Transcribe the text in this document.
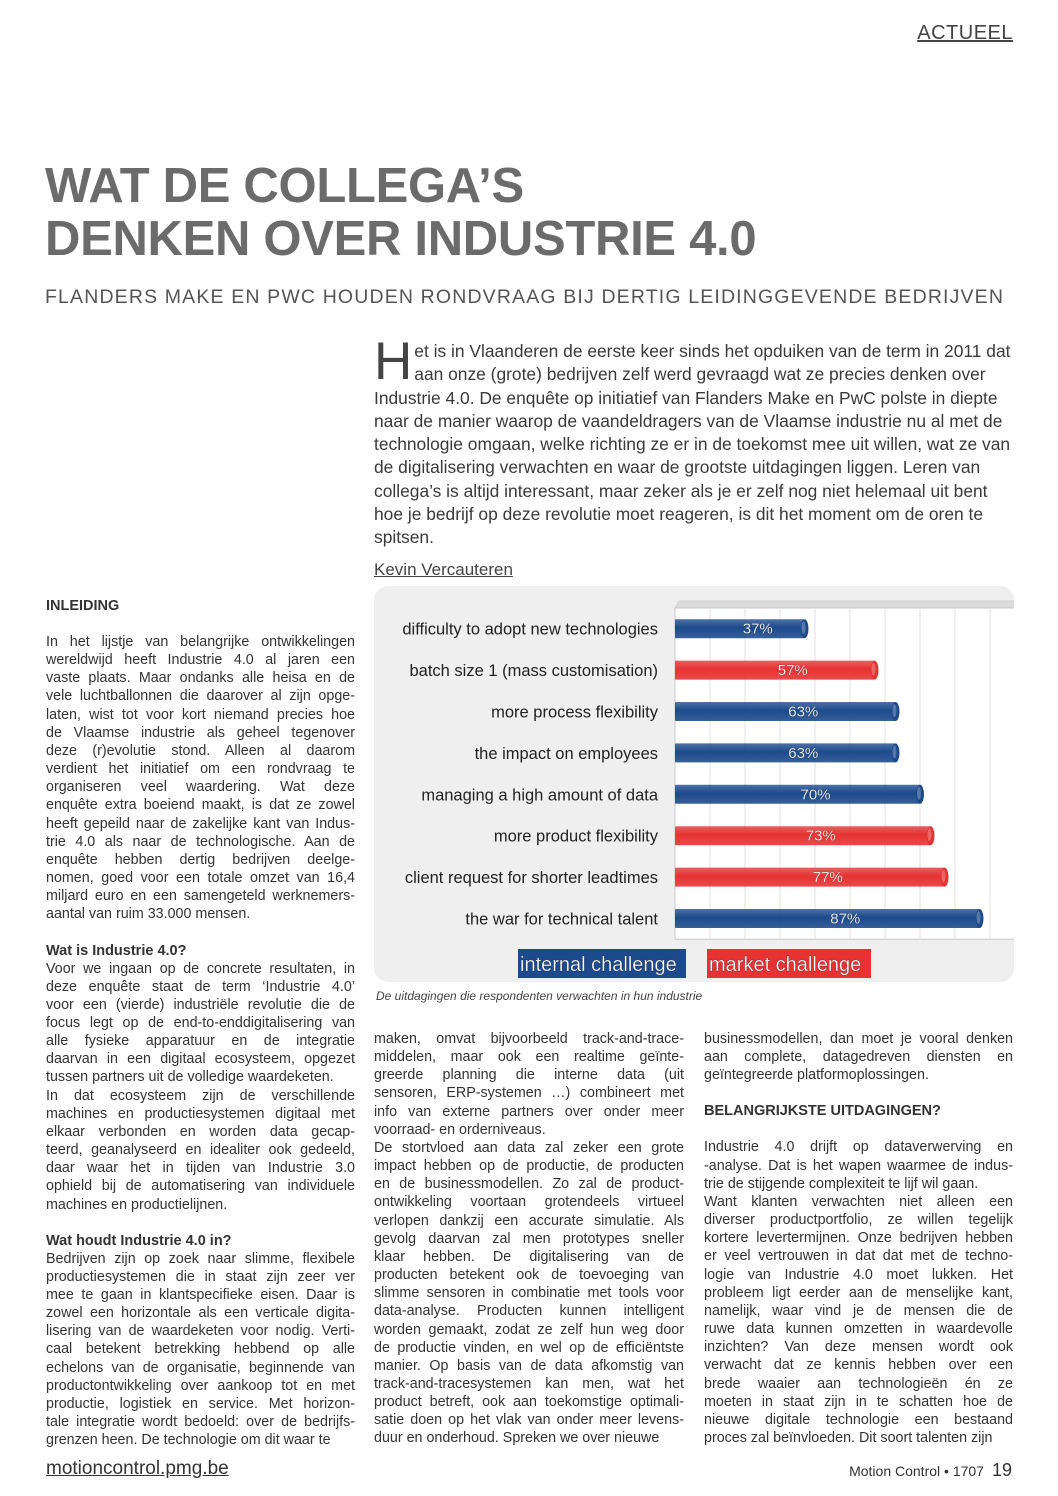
ACTUEEL
WAT DE COLLEGA’S
DENKEN OVER INDUSTRIE 4.0
FLANDERS MAKE EN PWC HOUDEN RONDVRAAG BIJ DERTIG LEIDINGGEVENDE BEDRIJVEN
H et is in Vlaanderen de eerste keer sinds het opduiken van de term in 2011 dat
aan onze (grote) bedrijven zelf werd gevraagd wat ze precies denken over
Industrie 4.0. De enquête op initiatief van Flanders Make en PwC polste in diepte
naar de manier waarop de vaandeldragers van de Vlaamse industrie nu al met de
technologie omgaan, welke richting ze er in de toekomst mee uit willen, wat ze van
de digitalisering verwachten en waar de grootste uitdagingen liggen. Leren van
collega’s is altijd interessant, maar zeker als je er zelf nog niet helemaal uit bent
hoe je bedrijf op deze revolutie moet reageren, is dit het moment om de oren te
spitsen.
Kevin Vercauteren
INLEIDING
In het lijstje van belangrijke ontwikkelingen
wereldwijd heeft Industrie 4.0 al jaren een
vaste plaats. Maar ondanks alle heisa en de
vele luchtballonnen die daarover al zijn opge-
laten, wist tot voor kort niemand precies hoe
de Vlaamse industrie als geheel tegenover
deze (r)evolutie stond. Alleen al daarom
verdient het initiatief om een rondvraag te
organiseren veel waardering. Wat deze
enquête extra boeiend maakt, is dat ze zowel
heeft gepeild naar de zakelijke kant van Indus-
trie 4.0 als naar de technologische. Aan de
enquête hebben dertig bedrijven deelge-
nomen, goed voor een totale omzet van 16,4
miljard euro en een samengeteld werknemers-
aantal van ruim 33.000 mensen.
Wat is Industrie 4.0?
Voor we ingaan op de concrete resultaten, in
deze enquête staat de term ‘Industrie 4.0’
voor een (vierde) industriële revolutie die de
focus legt op de end-to-enddigitalisering van
alle fysieke apparatuur en de integratie
daarvan in een digitaal ecosysteem, opgezet
tussen partners uit de volledige waardeketen.
In dat ecosysteem zijn de verschillende
machines en productiesystemen digitaal met
elkaar verbonden en worden data gecap-
teerd, geanalyseerd en idealiter ook gedeeld,
daar waar het in tijden van Industrie 3.0
ophield bij de automatisering van individuele
machines en productielijnen.
Wat houdt Industrie 4.0 in?
Bedrijven zijn op zoek naar slimme, flexibele
productiesystemen die in staat zijn zeer ver
mee te gaan in klantspecifieke eisen. Daar is
zowel een horizontale als een verticale digita-
lisering van de waardeketen voor nodig. Verti-
caal betekent betrekking hebbend op alle
echelons van de organisatie, beginnende van
productontwikkeling over aankoop tot en met
productie, logistiek en service. Met horizon-
tale integratie wordt bedoeld: over de bedrijfs-
grenzen heen. De technologie om dit waar te
difficulty to adopt new technologies	37%
batch size 1 (mass customisation)	57%
more process flexibility	63%
the impact on employees	63%
managing a high amount of data	70%
more product flexibility	73%
client request for shorter leadtimes	77%
the war for technical talent	87%
internal challenge market challenge
De uitdagingen die respondenten verwachten in hun industrie
maken, omvat bijvoorbeeld track-and-trace-
middelen, maar ook een realtime geïnte-
greerde planning die interne data (uit
sensoren, ERP-systemen …) combineert met
info van externe partners over onder meer
voorraad- en orderniveaus.
De stortvloed aan data zal zeker een grote
impact hebben op de productie, de producten
en de businessmodellen. Zo zal de product-
ontwikkeling voortaan grotendeels virtueel
verlopen dankzij een accurate simulatie. Als
gevolg daarvan zal men prototypes sneller
klaar hebben. De digitalisering van de
producten betekent ook de toevoeging van
slimme sensoren in combinatie met tools voor
data-analyse. Producten kunnen intelligent
worden gemaakt, zodat ze zelf hun weg door
de productie vinden, en wel op de efficiëntste
manier. Op basis van de data afkomstig van
track-and-tracesystemen kan men, wat het
product betreft, ook aan toekomstige optimali-
satie doen op het vlak van onder meer levens-
duur en onderhoud. Spreken we over nieuwe
businessmodellen, dan moet je vooral denken
aan complete, datagedreven diensten en
geïntegreerde platformoplossingen.
BELANGRIJKSTE UITDAGINGEN?
Industrie 4.0 drijft op dataverwerving en
-analyse. Dat is het wapen waarmee de indus-
trie de stijgende complexiteit te lijf wil gaan.
Want klanten verwachten niet alleen een
diverser productportfolio, ze willen tegelijk
kortere levertermijnen. Onze bedrijven hebben
er veel vertrouwen in dat dat met de techno-
logie van Industrie 4.0 moet lukken. Het
probleem ligt eerder aan de menselijke kant,
namelijk, waar vind je de mensen die de
ruwe data kunnen omzetten in waardevolle
inzichten? Van deze mensen wordt ook
verwacht dat ze kennis hebben over een
brede waaier aan technologieën én ze
moeten in staat zijn in te schatten hoe de
nieuwe digitale technologie een bestaand
proces zal beïnvloeden. Dit soort talenten zijn
motioncontrol.pmg.be	Motion Control • 1707 19
